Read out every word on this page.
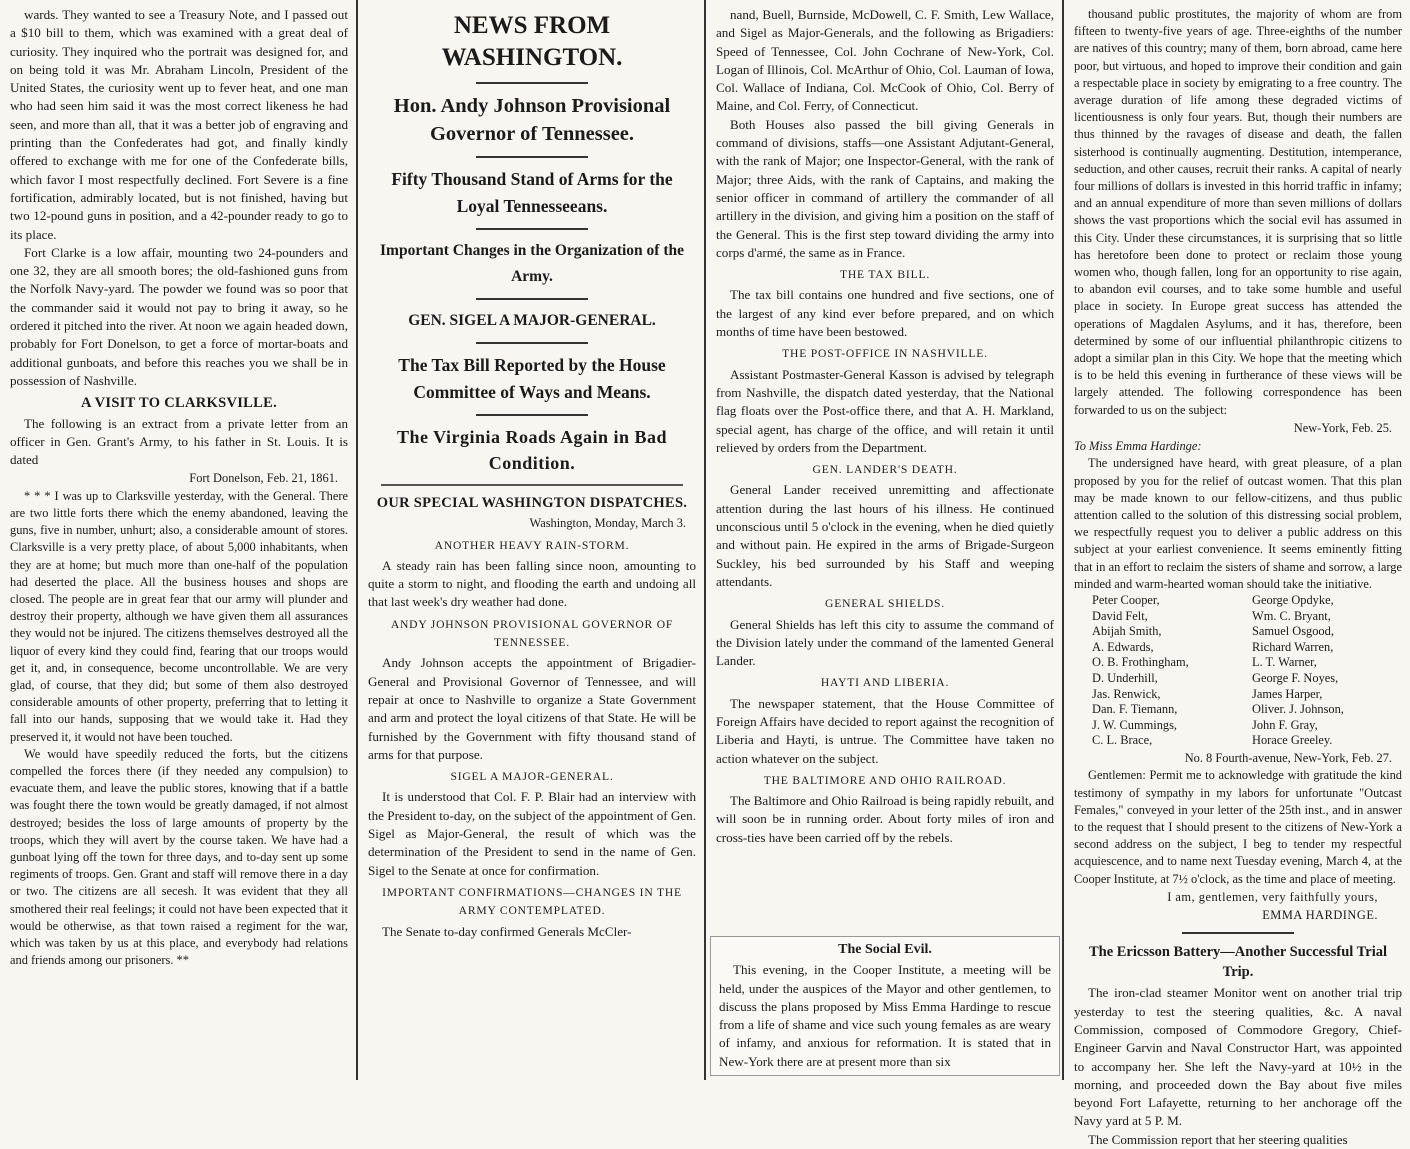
wards. They wanted to see a Treasury Note, and I passed out a $10 bill to them, which was examined with a great deal of curiosity. They inquired who the portrait was designed for, and on being told it was Mr. Abraham Lincoln, President of the United States, the curiosity went up to fever heat, and one man who had seen him said it was the most correct likeness he had seen, and more than all, that it was a better job of engraving and printing than the Confederates had got, and finally kindly offered to exchange with me for one of the Confederate bills, which favor I most respectfully declined. Fort Severe is a fine fortification, admirably located, but is not finished, having but two 12-pound guns in position, and a 42-pounder ready to go to its place.

Fort Clarke is a low affair, mounting two 24-pounders and one 32, they are all smooth bores; the old-fashioned guns from the Norfolk Navy-yard. The powder we found was so poor that the commander said it would not pay to bring it away, so he ordered it pitched into the river. At noon we again headed down, probably for Fort Donelson, to get a force of mortar-boats and additional gunboats, and before this reaches you we shall be in possession of Nashville.

A VISIT TO CLARKSVILLE.

The following is an extract from a private letter from an officer in Gen. Grant's Army, to his father in St. Louis. It is dated

Fort Donelson, Feb. 21, 1861.

* * * I was up to Clarksville yesterday, with the General. There are two little forts there which the enemy abandoned, leaving the guns, five in number, unhurt; also, a considerable amount of stores. Clarksville is a very pretty place, of about 5,000 inhabitants, when they are at home; but much more than one-half of the population had deserted the place. All the business houses and shops are closed. The people are in great fear that our army will plunder and destroy their property, although we have given them all assurances they would not be injured. The citizens themselves destroyed all the liquor of every kind they could find, fearing that our troops would get it, and, in consequence, become uncontrollable. We are very glad, of course, that they did; but some of them also destroyed considerable amounts of other property, preferring that to letting it fall into our hands, supposing that we would take it. Had they preserved it, it would not have been touched.

We would have speedily reduced the forts, but the citizens compelled the forces there (if they needed any compulsion) to evacuate them, and leave the public stores, knowing that if a battle was fought there the town would be greatly damaged, if not almost destroyed; besides the loss of large amounts of property by the troops, which they will avert by the course taken. We have had a gunboat lying off the town for three days, and to-day sent up some regiments of troops. Gen. Grant and staff will remove there in a day or two. The citizens are all secesh. It was evident that they all smothered their real feelings; it could not have been expected that it would be otherwise, as that town raised a regiment for the war, which was taken by us at this place, and everybody had relations and friends among our prisoners. **

NEWS FROM WASHINGTON.
Hon. Andy Johnson Provisional Governor of Tennessee.
Fifty Thousand Stand of Arms for the Loyal Tennesseeans.
Important Changes in the Organization of the Army.
GEN. SIGEL A MAJOR-GENERAL.
The Tax Bill Reported by the House Committee of Ways and Means.
The Virginia Roads Again in Bad Condition.
OUR SPECIAL WASHINGTON DISPATCHES.
Washington, Monday, March 3.
ANOTHER HEAVY RAIN-STORM.

A steady rain has been falling since noon, amounting to quite a storm to night, and flooding the earth and undoing all that last week's dry weather had done.

ANDY JOHNSON PROVISIONAL GOVERNOR OF TENNESSEE.

Andy Johnson accepts the appointment of Brigadier-General and Provisional Governor of Tennessee, and will repair at once to Nashville to organize a State Government and arm and protect the loyal citizens of that State. He will be furnished by the Government with fifty thousand stand of arms for that purpose.

SIGEL A MAJOR-GENERAL.

It is understood that Col. F. P. Blair had an interview with the President to-day, on the subject of the appointment of Gen. Sigel as Major-General, the result of which was the determination of the President to send in the name of Gen. Sigel to the Senate at once for confirmation.

IMPORTANT CONFIRMATIONS—CHANGES IN THE ARMY CONTEMPLATED.

The Senate to-day confirmed Generals McCler-

nand, Buell, Burnside, McDowell, C. F. Smith, Lew Wallace, and Sigel as Major-Generals, and the following as Brigadiers: Speed of Tennessee, Col. John Cochrane of New-York, Col. Logan of Illinois, Col. McArthur of Ohio, Col. Lauman of Iowa, Col. Wallace of Indiana, Col. McCook of Ohio, Col. Berry of Maine, and Col. Ferry, of Connecticut.

Both Houses also passed the bill giving Generals in command of divisions, staffs—one Assistant Adjutant-General, with the rank of Major; one Inspector-General, with the rank of Major; three Aids, with the rank of Captains, and making the senior officer in command of artillery the commander of all artillery in the division, and giving him a position on the staff of the General. This is the first step toward dividing the army into corps d'armé, the same as in France.

THE TAX BILL.

The tax bill contains one hundred and five sections, one of the largest of any kind ever before prepared, and on which months of time have been bestowed.

THE POST-OFFICE IN NASHVILLE.

Assistant Postmaster-General Kasson is advised by telegraph from Nashville, the dispatch dated yesterday, that the National flag floats over the Post-office there, and that A. H. Markland, special agent, has charge of the office, and will retain it until relieved by orders from the Department.

GEN. LANDER'S DEATH.

General Lander received unremitting and affectionate attention during the last hours of his illness. He continued unconscious until 5 o'clock in the evening, when he died quietly and without pain. He expired in the arms of Brigade-Surgeon Suckley, his bed surrounded by his Staff and weeping attendants.

GENERAL SHIELDS.

General Shields has left this city to assume the command of the Division lately under the command of the lamented General Lander.

HAYTI AND LIBERIA.

The newspaper statement, that the House Committee of Foreign Affairs have decided to report against the recognition of Liberia and Hayti, is untrue. The Committee have taken no action whatever on the subject.

THE BALTIMORE AND OHIO RAILROAD.

The Baltimore and Ohio Railroad is being rapidly rebuilt, and will soon be in running order. About forty miles of iron and cross-ties have been carried off by the rebels.

The Social Evil.

This evening, in the Cooper Institute, a meeting will be held, under the auspices of the Mayor and other gentlemen, to discuss the plans proposed by Miss Emma Hardinge to rescue from a life of shame and vice such young females as are weary of infamy, and anxious for reformation. It is stated that in New-York there are at present more than six

thousand public prostitutes, the majority of whom are from fifteen to twenty-five years of age. Three-eighths of the number are natives of this country; many of them, born abroad, came here poor, but virtuous, and hoped to improve their condition and gain a respectable place in society by emigrating to a free country. The average duration of life among these degraded victims of licentiousness is only four years. But, though their numbers are thus thinned by the ravages of disease and death, the fallen sisterhood is continually augmenting. Destitution, intemperance, seduction, and other causes, recruit their ranks. A capital of nearly four millions of dollars is invested in this horrid traffic in infamy; and an annual expenditure of more than seven millions of dollars shows the vast proportions which the social evil has assumed in this City. Under these circumstances, it is surprising that so little has heretofore been done to protect or reclaim those young women who, though fallen, long for an opportunity to rise again, to abandon evil courses, and to take some humble and useful place in society. In Europe great success has attended the operations of Magdalen Asylums, and it has, therefore, been determined by some of our influential philanthropic citizens to adopt a similar plan in this City. We hope that the meeting which is to be held this evening in furtherance of these views will be largely attended. The following correspondence has been forwarded to us on the subject:

New-York, Feb. 25.
To Miss Emma Hardinge:

The undersigned have heard, with great pleasure, of a plan proposed by you for the relief of outcast women. That this plan may be made known to our fellow-citizens, and thus public attention called to the solution of this distressing social problem, we respectfully request you to deliver a public address on this subject at your earliest convenience. It seems eminently fitting that in an effort to reclaim the sisters of shame and sorrow, a large minded and warm-hearted woman should take the initiative.

Peter Cooper,	George Opdyke,
David Felt,	Wm. C. Bryant,
Abijah Smith,	Samuel Osgood,
A. Edwards,	Richard Warren,
O. B. Frothingham,	L. T. Warner,
D. Underhill,	George F. Noyes,
Jas. Renwick,	James Harper,
Dan. F. Tiemann,	Oliver. J. Johnson,
J. W. Cummings,	John F. Gray,
C. L. Brace,	Horace Greeley.
No. 8 Fourth-avenue, New-York, Feb. 27.

Gentlemen: Permit me to acknowledge with gratitude the kind testimony of sympathy in my labors for unfortunate "Outcast Females," conveyed in your letter of the 25th inst., and in answer to the request that I should present to the citizens of New-York a second address on the subject, I beg to tender my respectful acquiescence, and to name next Tuesday evening, March 4, at the Cooper Institute, at 7½ o'clock, as the time and place of meeting.

I am, gentlemen, very faithfully yours,
EMMA HARDINGE.
The Ericsson Battery—Another Successful Trial Trip.

The iron-clad steamer Monitor went on another trial trip yesterday to test the steering qualities, &c. A naval Commission, composed of Commodore Gregory, Chief-Engineer Garvin and Naval Constructor Hart, was appointed to accompany her. She left the Navy-yard at 10½ in the morning, and proceeded down the Bay about five miles beyond Fort Lafayette, returning to her anchorage off the Navy yard at 5 P. M.

The Commission report that her steering qualities
